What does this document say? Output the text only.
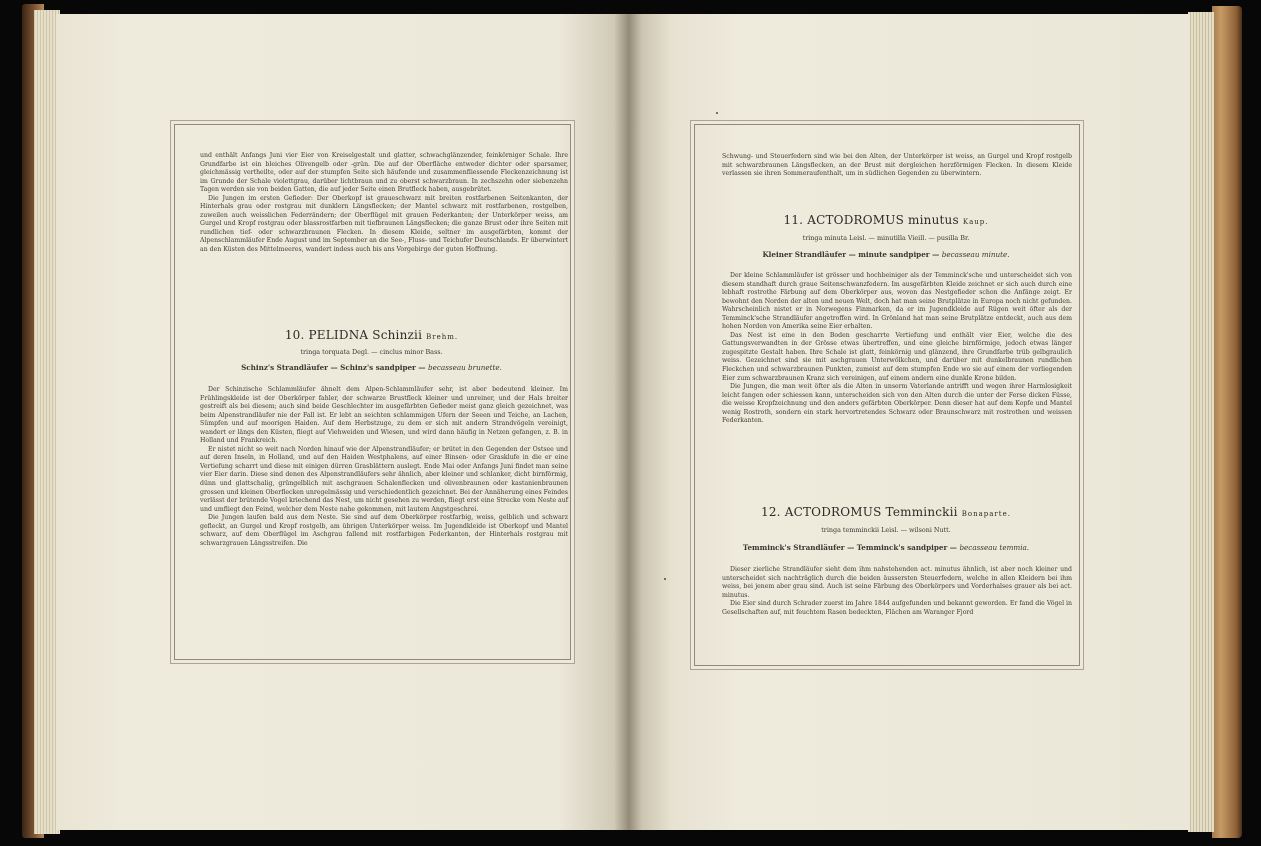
und enthält Anfangs Juni vier Eier von Kreiselgestalt und glatter, schwachglänzender, feinkörniger Schale. Ihre Grundfarbe ist ein bleiches Olivengelb oder -grün. Die auf der Oberfläche entweder dichter oder sparsamer, gleichmässig vertheilte, oder auf der stumpfen Seite sich häufende und zusammenfliessende Fleckenzeichnung ist im Grunde der Schale violettgrau, darüber lichtbraun und zu oberst schwarzbraun. In zechszehn oder siebenzehn Tagen werden sie von beiden Gatten, die auf jeder Seite einen Brutfleck haben, ausgebrütet.

Die Jungen im ersten Gefieder: Der Oberkopf ist graueschwarz mit breiten rostfarbenen Seitenkanten, der Hinterhals grau oder rostgrau mit dunklern Längsflecken; der Mantel schwarz mit rostfarbenen, rostgelben, zuweilen auch weisslichen Federrändern; der Oberflügel mit grauen Federkanten; der Unterkörper weiss, am Gurgel und Kropf rostgrau oder blassrostfarben mit tiefbraunen Längsflecken; die ganze Brust oder ihre Seiten mit rundlichen tief- oder schwarzbraunen Flecken. In diesem Kleide, seltner im ausgefärbten, kommt der Alpenschlammläufer Ende August und im September an die See-, Fluss- und Teichufer Deutschlands. Er überwintert an den Küsten des Mittelmeeres, wandert indess auch bis ans Vorgebirge der guten Hoffnung.

10. PELIDNA Schinzii Brehm.
tringa torquata Degl. — cinclus minor Bass.
Schinz's Strandläufer — Schinz's sandpiper — becasseau brunette.

Der Schinzische Schlammläufer ähnelt dem Alpen-Schlammläufer sehr, ist aber bedeutend kleiner. Im Frühlingskleide ist der Oberkörper fahler, der schwarze Brustfleck kleiner und unreiner, und der Hals breiter gestreift als bei diesem; auch sind beide Geschlechter im ausgefärbten Gefieder meist ganz gleich gezeichnet, was beim Alpenstrandläufer nie der Fall ist. Er lebt an seichten schlammigen Ufern der Seeen und Teiche, an Lachen, Sümpfen und auf moorigen Haiden. Auf dem Herbstzuge, zu dem er sich mit andern Strandvögeln vereinigt, wandert er längs den Küsten, fliegt auf Viehweiden und Wiesen, und wird dann häufig in Netzen gefangen, z. B. in Holland und Frankreich.

Er nistet nicht so weit nach Norden hinauf wie der Alpenstrandläufer; er brütet in den Gegenden der Ostsee und auf deren Inseln, in Holland, und auf den Haiden Westphalens, auf einer Binsen- oder Grasklufe in die er eine Vertiefung scharrt und diese mit einigen dürren Grasblättern auslegt. Ende Mai oder Anfangs Juni findet man seine vier Eier darin. Diese sind denen des Alpenstrandläufers sehr ähnlich, aber kleiner und schlanker, dicht birnförmig, dünn und glattschalig, grüngelblich mit aschgrauen Schalenflecken und olivenbraunen oder kastanienbraunen grossen und kleinen Oberflecken unregelmässig und verschiedentlich gezeichnet. Bei der Annäherung eines Feindes verlässt der brütende Vogel kriechend das Nest, um nicht gesehen zu werden, fliegt erst eine Strecke vom Neste auf und umfliegt den Feind, welcher dem Neste nahe gekommen, mit lautem Angstgeschrei.

Die Jungen laufen bald aus dem Neste. Sie sind auf dem Oberkörper rostfarbig, weiss, gelblich und schwarz gefleckt, an Gurgel und Kropf rostgelb, am übrigen Unterkörper weiss. Im Jugendkleide ist Oberkopf und Mantel schwarz, auf dem Oberflügel im Aschgrau fallend mit rostfarbigen Federkanten, der Hinterhals rostgrau mit schwarzgrauen Längsstreifen. Die

Schwung- und Steuerfedern sind wie bei den Alten, der Unterkörper ist weiss, an Gurgel und Kropf rostgelb mit schwarzbraunen Längsflecken, an der Brust mit dergleichen herzförmigen Flecken. In diesem Kleide verlassen sie ihren Sommeraufenthalt, um in südlichen Gegenden zu überwintern.

11. ACTODROMUS minutus Kaup.
tringa minuta Leisl. — minutilla Vieill. — pusilla Br.
Kleiner Strandläufer — minute sandpiper — becasseau minute.

Der kleine Schlammläufer ist grösser und hochbeiniger als der Temminck'sche und unterscheidet sich von diesem standhaft durch graue Seitenschwanzfedern. Im ausgefärbten Kleide zeichnet er sich auch durch eine lebhaft rostrothe Färbung auf dem Oberkörper aus, wovon das Nestgefieder schon die Anfänge zeigt. Er bewohnt den Norden der alten und neuen Welt, doch hat man seine Brutplätze in Europa noch nicht gefunden. Wahrscheinlich nistet er in Norwegens Finmarken, da er im Jugendkleide auf Rügen weit öfter als der Temminck'sche Strandläufer angetroffen wird. In Grönland hat man seine Brutplätze entdeckt, auch aus dem hohen Norden von Amerika seine Eier erhalten.

Das Nest ist eine in den Boden gescharrte Vertiefung und enthält vier Eier, welche die des Gattungsverwandten in der Grösse etwas übertreffen, und eine gleiche birnförmige, jedoch etwas länger zugespitzte Gestalt haben. Ihre Schale ist glatt, feinkörnig und glänzend, ihre Grundfarbe trüb gelbgraulich weiss. Gezeichnet sind sie mit aschgrauen Unterwölkchen, und darüber mit dunkelbraunen rundlichen Fleckchen und schwarzbraunen Punkten, zumeist auf dem stumpfen Ende wo sie auf einem der vorliegenden Eier zum schwarzbraunen Kranz sich vereinigen, auf einem andern eine dunkle Krone bilden.

Die Jungen, die man weit öfter als die Alten in unserm Vaterlande antrifft und wegen ihrer Harmlosigkeit leicht fangen oder schiessen kann, unterscheiden sich von den Alten durch die unter der Ferse dicken Füsse, die weisse Kropfzeichnung und den anders gefärbten Oberkörper. Denn dieser hat auf dem Kopfe und Mantel wenig Rostroth, sondern ein stark hervortretendes Schwarz oder Braunschwarz mit rostrothen und weissen Federkanten.

12. ACTODROMUS Temminckii Bonaparte.
tringa temminckii Leisl. — wilsoni Nutt.
Temminck's Strandläufer — Temminck's sandpiper — becasseau temmia.

Dieser zierliche Strandläufer sieht dem ihm nahstehenden act. minutus ähnlich, ist aber noch kleiner und unterscheidet sich nachträglich durch die beiden äussersten Steuerfedern, welche in allen Kleidern bei ihm weiss, bei jenem aber grau sind. Auch ist seine Färbung des Oberkörpers und Vorderhalses grauer als bei act. minutus.

Die Eier sind durch Schrader zuerst im Jahre 1844 aufgefunden und bekannt geworden. Er fand die Vögel in Gesellschaften auf, mit feuchtem Rasen bedeckten, Flächen am Waranger Fjord
